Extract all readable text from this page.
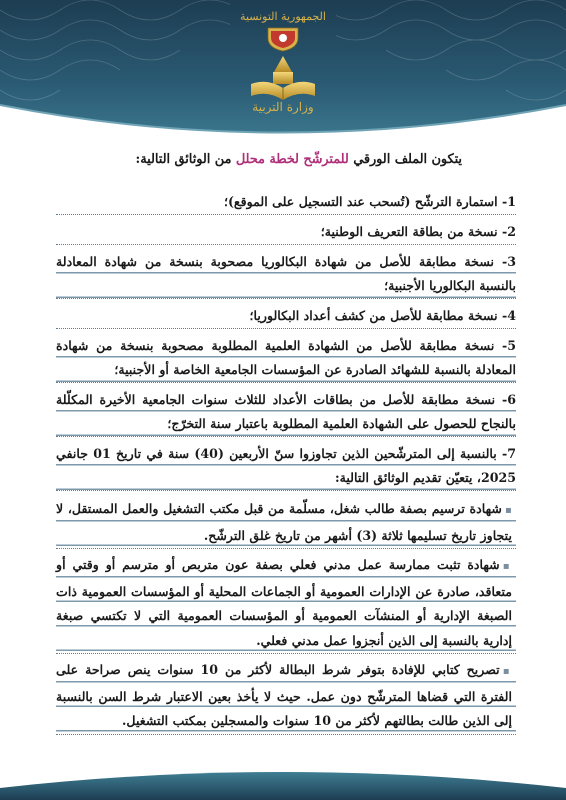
الجمهورية التونسية
وزارة التربية

يتكون الملف الورقي للمترشّح لخطة محلل من الوثائق التالية:

1- استمارة الترشّح (تُسحب عند التسجيل على الموقع)؛
2- نسخة من بطاقة التعريف الوطنية؛
3- نسخة مطابقة للأصل من شهادة البكالوريا مصحوبة بنسخة من شهادة المعادلة بالنسبة البكالوريا الأجنبية؛
4- نسخة مطابقة للأصل من كشف أعداد البكالوريا؛
5- نسخة مطابقة للأصل من الشهادة العلمية المطلوبة مصحوبة بنسخة من شهادة المعادلة بالنسبة للشهائد الصادرة عن المؤسسات الجامعية الخاصة أو الأجنبية؛
6- نسخة مطابقة للأصل من بطاقات الأعداد للثلاث سنوات الجامعية الأخيرة المكلّلة بالنجاح للحصول على الشهادة العلمية المطلوبة باعتبار سنة التخرّج؛
7- بالنسبة إلى المترشّحين الذين تجاوزوا سنّ الأربعين (40) سنة في تاريخ 01 جانفي 2025، يتعيّن تقديم الوثائق التالية:
▪شهادة ترسيم بصفة طالب شغل، مسلّمة من قبل مكتب التشغيل والعمل المستقل، لا يتجاوز تاريخ تسليمها ثلاثة (3) أشهر من تاريخ غلق الترشّح.
▪شهادة تثبت ممارسة عمل مدني فعلي بصفة عون متربص أو مترسم أو وقتي أو متعاقد، صادرة عن الإدارات العمومية أو الجماعات المحلية أو المؤسسات العمومية ذات الصبغة الإدارية أو المنشآت العمومية أو المؤسسات العمومية التي لا تكتسي صبغة إدارية بالنسبة إلى الذين أنجزوا عمل مدني فعلي.
▪تصريح كتابي للإفادة بتوفر شرط البطالة لأكثر من 10 سنوات ينص صراحة على الفترة التي قضاها المترشّح دون عمل. حيث لا يأخذ بعين الاعتبار شرط السن بالنسبة إلى الذين طالت بطالتهم لأكثر من 10 سنوات والمسجلين بمكتب التشغيل.
